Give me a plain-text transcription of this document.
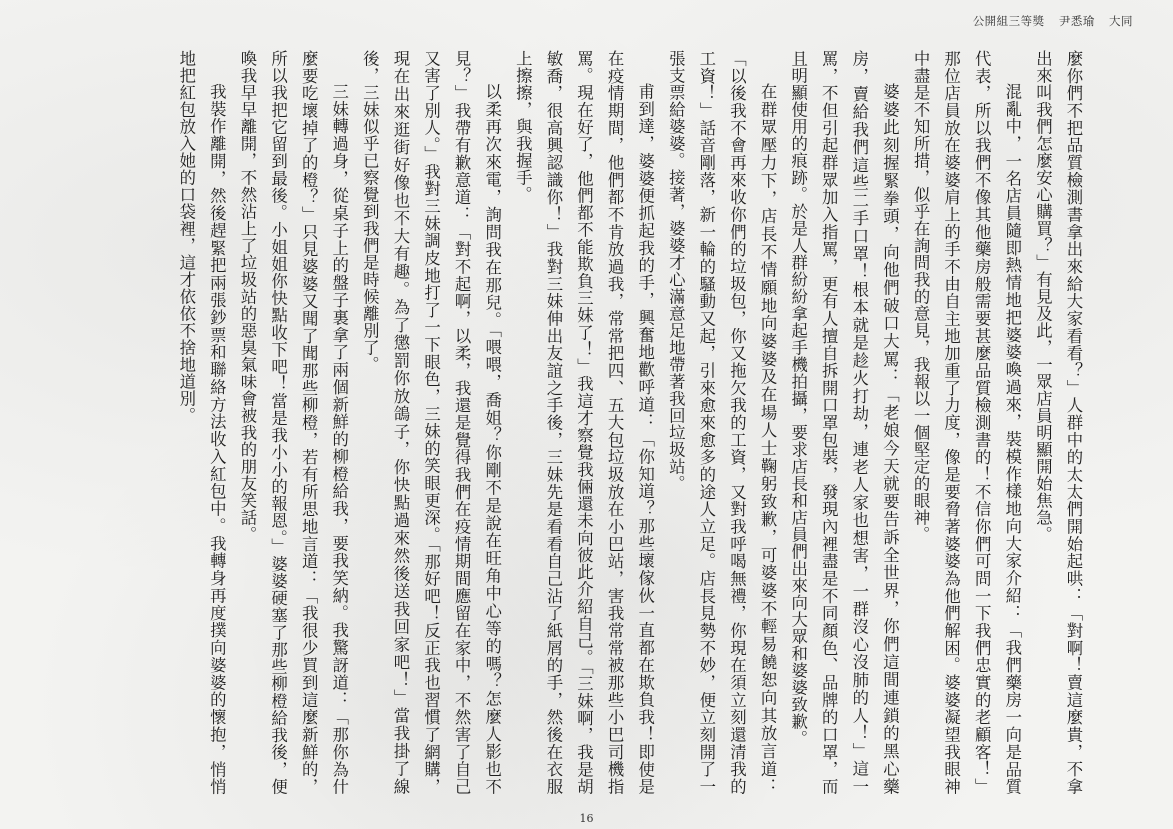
公開組三等獎 尹悉瑜 大同

麼你們不把品質檢測書拿出來給大家看看？」人群中的太太們開始起哄：「對啊！賣這麼貴，不拿出來叫我們怎麼安心購買？」有見及此，一眾店員明顯開始焦急。

混亂中，一名店員隨即熱情地把婆婆喚過來，裝模作樣地向大家介紹：「我們藥房一向是品質代表，所以我們不像其他藥房般需要甚麼品質檢測書的！不信你們可問一下我們忠實的老顧客！」那位店員放在婆婆肩上的手不由自主地加重了力度，像是要脅著婆婆為他們解困。婆婆凝望我眼神中盡是不知所措，似乎在詢問我的意見，我報以一個堅定的眼神。

婆婆此刻握緊拳頭，向他們破口大罵：「老娘今天就要告訴全世界，你們這間連鎖的黑心藥房，賣給我們這些二手口罩！根本就是趁火打劫，連老人家也想害，一群沒心沒肺的人！」這一罵，不但引起群眾加入指罵，更有人擅自拆開口罩包裝，發現內裡盡是不同顏色、品牌的口罩，而且明顯使用的痕跡。於是人群紛紛拿起手機拍攝，要求店長和店員們出來向大眾和婆婆致歉。

在群眾壓力下，店長不情願地向婆婆及在場人士鞠躬致歉，可婆婆不輕易饒恕向其放言道：「以後我不會再來收你們的垃圾包，你又拖欠我的工資，又對我呼喝無禮，你現在須立刻還清我的工資！」話音剛落，新一輪的騷動又起，引來愈來愈多的途人立足。店長見勢不妙，便立刻開了一張支票給婆婆。接著，婆婆才心滿意足地帶著我回垃圾站。

甫到達，婆婆便抓起我的手，興奮地歡呼道：「你知道？那些壞傢伙一直都在欺負我！即使是在疫情期間，他們都不肯放過我，常常把四、五大包垃圾放在小巴站，害我常常被那些小巴司機指罵。現在好了，他們都不能欺負三妹了！」我這才察覺我倆還未向彼此介紹自己。「三妹啊，我是胡敏喬，很高興認識你！」我對三妹伸出友誼之手後，三妹先是看看自己沾了紙屑的手，然後在衣服上擦擦，與我握手。

以柔再次來電，詢問我在那兒。「喂喂，喬姐？你剛不是說在旺角中心等的嗎？怎麼人影也不見？」我帶有歉意道：「對不起啊，以柔，我還是覺得我們在疫情期間應留在家中，不然害了自己又害了別人。」我對三妹調皮地打了一下眼色，三妹的笑眼更深。「那好吧！反正我也習慣了網購，現在出來逛街好像也不大有趣。為了懲罰你放鴿子，你快點過來然後送我回家吧！」當我掛了線後，三妹似乎已察覺到我們是時候離別了。

三妹轉過身，從桌子上的盤子裏拿了兩個新鮮的柳橙給我，要我笑納。我驚訝道：「那你為什麼要吃壞掉了的橙？」只見婆婆又聞了聞那些柳橙，若有所思地言道：「我很少買到這麼新鮮的，所以我把它留到最後。小姐姐你快點收下吧！當是我小小的報恩。」婆婆硬塞了那些柳橙給我後，便喚我早早離開，不然沾上了垃圾站的惡臭氣味會被我的朋友笑話。

我裝作離開，然後趕緊把兩張鈔票和聯絡方法收入紅包中。我轉身再度撲向婆婆的懷抱，悄悄地把紅包放入她的口袋裡，這才依依不捨地道別。

16
